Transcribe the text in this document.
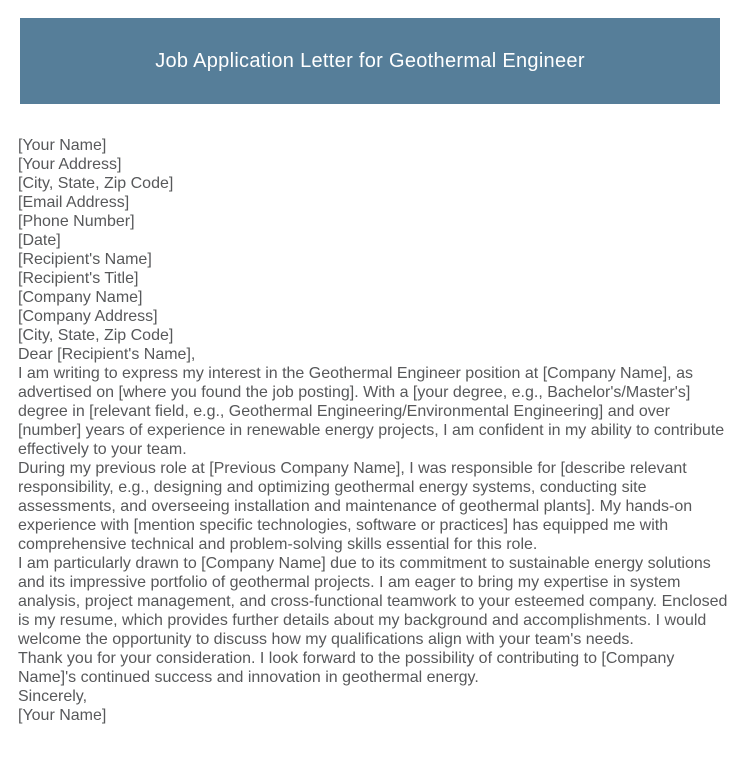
Job Application Letter for Geothermal Engineer
[Your Name]
[Your Address]
[City, State, Zip Code]
[Email Address]
[Phone Number]
[Date]
[Recipient's Name]
[Recipient's Title]
[Company Name]
[Company Address]
[City, State, Zip Code]
Dear [Recipient's Name],

I am writing to express my interest in the Geothermal Engineer position at [Company Name], as advertised on [where you found the job posting]. With a [your degree, e.g., Bachelor's/Master's] degree in [relevant field, e.g., Geothermal Engineering/Environmental Engineering] and over [number] years of experience in renewable energy projects, I am confident in my ability to contribute effectively to your team.

During my previous role at [Previous Company Name], I was responsible for [describe relevant responsibility, e.g., designing and optimizing geothermal energy systems, conducting site assessments, and overseeing installation and maintenance of geothermal plants]. My hands-on experience with [mention specific technologies, software or practices] has equipped me with comprehensive technical and problem-solving skills essential for this role.

I am particularly drawn to [Company Name] due to its commitment to sustainable energy solutions and its impressive portfolio of geothermal projects. I am eager to bring my expertise in system analysis, project management, and cross-functional teamwork to your esteemed company. Enclosed is my resume, which provides further details about my background and accomplishments. I would welcome the opportunity to discuss how my qualifications align with your team's needs.

Thank you for your consideration. I look forward to the possibility of contributing to [Company Name]'s continued success and innovation in geothermal energy.

Sincerely,
[Your Name]
